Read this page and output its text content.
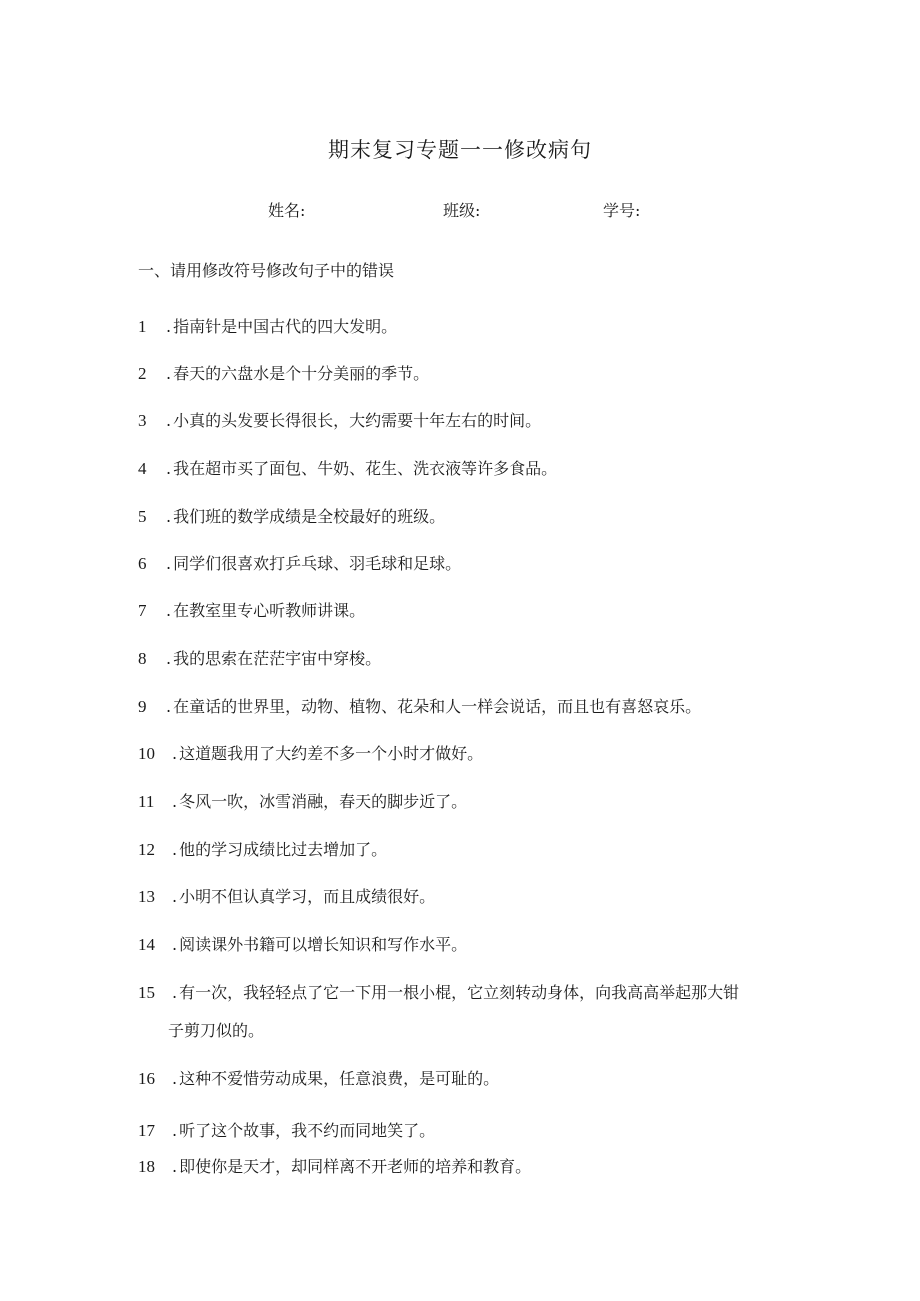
期末复习专题一一修改病句
姓名:	班级:	学号:
一、请用修改符号修改句子中的错误
1 . 指南针是中国古代的四大发明。
2 . 春天的六盘水是个十分美丽的季节。
3 . 小真的头发要长得很长，大约需要十年左右的时间。
4 . 我在超市买了面包、牛奶、花生、洗衣液等许多食品。
5 . 我们班的数学成绩是全校最好的班级。
6 . 同学们很喜欢打乒乓球、羽毛球和足球。
7 . 在教室里专心听教师讲课。
8 . 我的思索在茫茫宇宙中穿梭。
9 . 在童话的世界里，动物、植物、花朵和人一样会说话，而且也有喜怒哀乐。
10 . 这道题我用了大约差不多一个小时才做好。
11 . 冬风一吹，冰雪消融，春天的脚步近了。
12 . 他的学习成绩比过去增加了。
13 . 小明不但认真学习，而且成绩很好。
14 . 阅读课外书籍可以增长知识和写作水平。
15 . 有一次，我轻轻点了它一下用一根小棍，它立刻转动身体，向我高高举起那大钳
子剪刀似的。
16 . 这种不爱惜劳动成果，任意浪费，是可耻的。
17 . 听了这个故事，我不约而同地笑了。
18 . 即使你是天才，却同样离不开老师的培养和教育。
